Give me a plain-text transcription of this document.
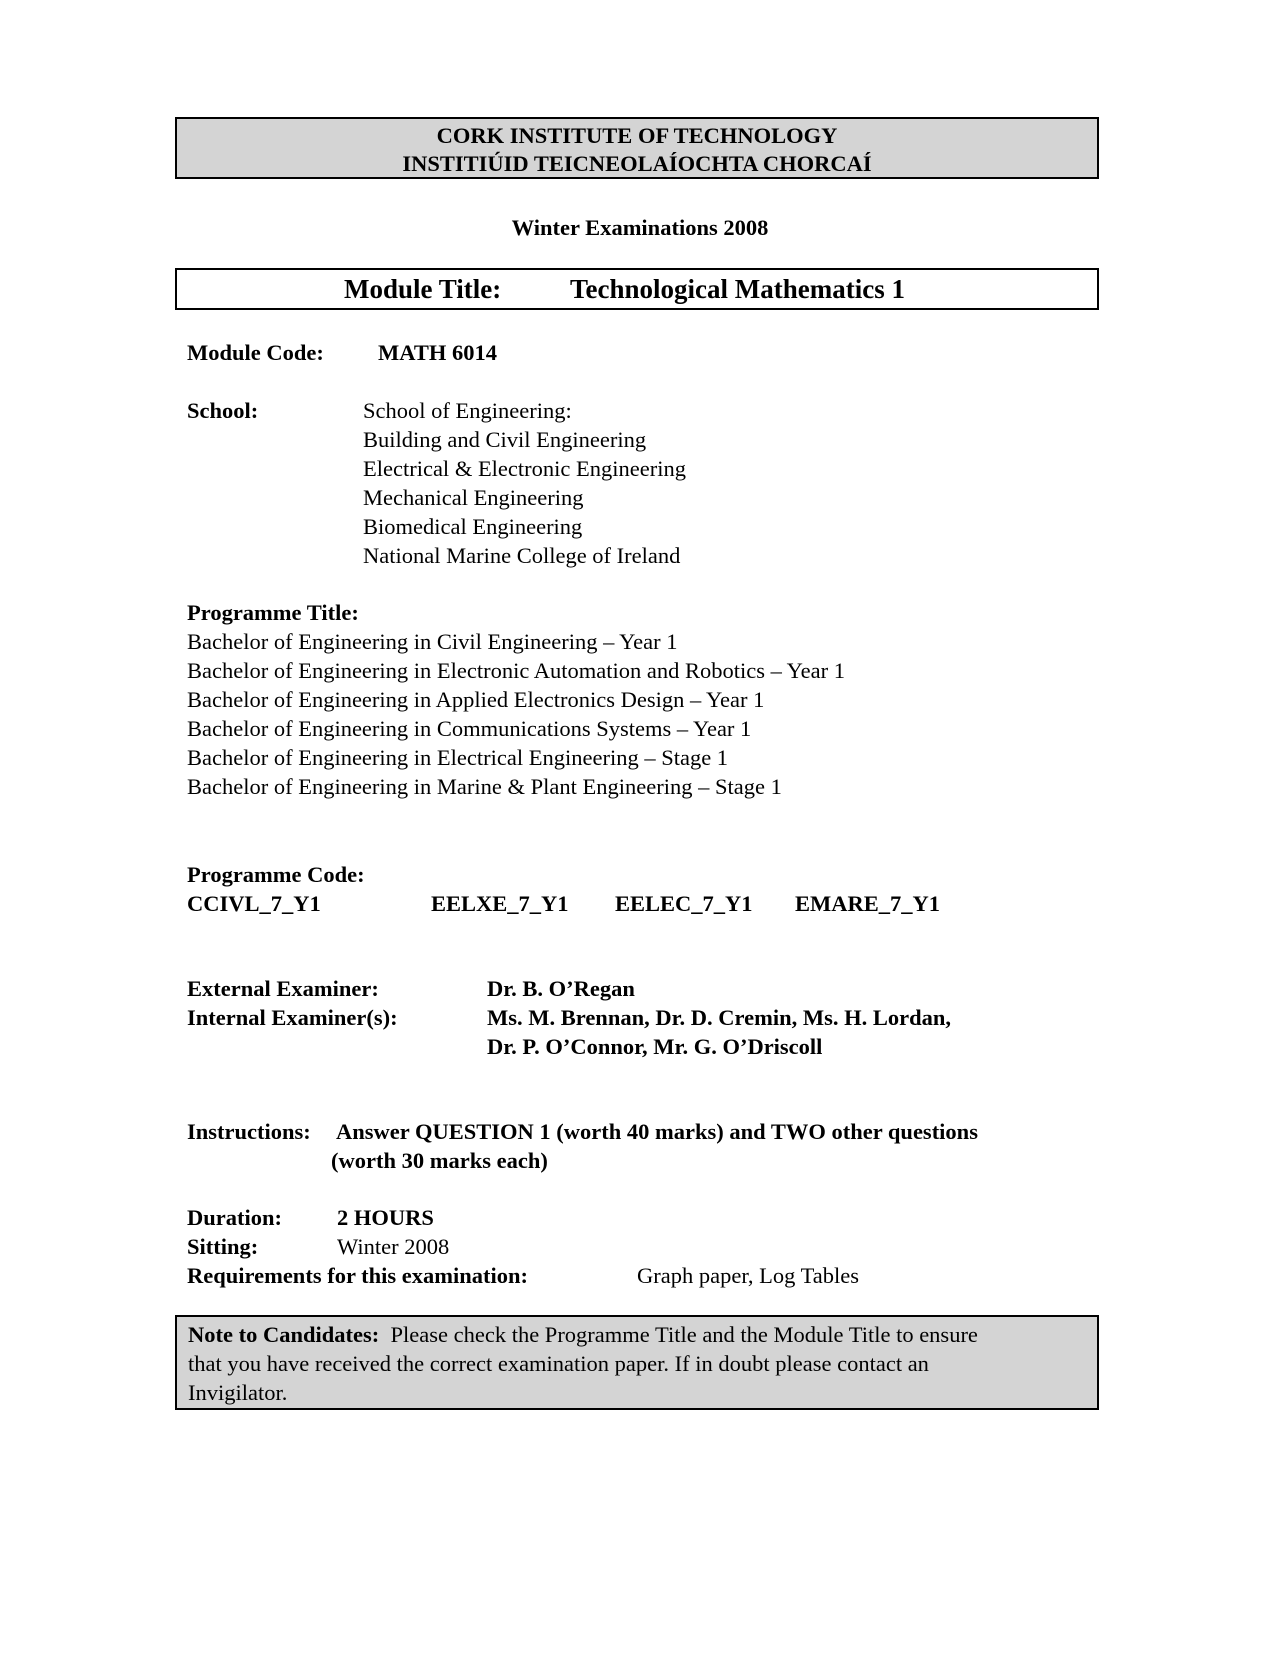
CORK INSTITUTE OF TECHNOLOGY
INSTITIÚID TEICNEOLAÍOCHTA CHORCAÍ

Winter Examinations 2008

Module Title:	Technological Mathematics 1

Module Code: MATH 6014

School:	School of Engineering:
Building and Civil Engineering
Electrical & Electronic Engineering
Mechanical Engineering
Biomedical Engineering
National Marine College of Ireland

Programme Title:

Bachelor of Engineering in Civil Engineering – Year 1
Bachelor of Engineering in Electronic Automation and Robotics – Year 1
Bachelor of Engineering in Applied Electronics Design – Year 1
Bachelor of Engineering in Communications Systems – Year 1
Bachelor of Engineering in Electrical Engineering – Stage 1
Bachelor of Engineering in Marine & Plant Engineering – Stage 1

Programme Code:

CCIVL_7_Y1	EELXE_7_Y1 EELEC_7_Y1 EMARE_7_Y1

External Examiner:	Dr. B. O’Regan

Internal Examiner(s):	Ms. M. Brennan, Dr. D. Cremin, Ms. H. Lordan,

Dr. P. O’Connor, Mr. G. O’Driscoll

Instructions: Answer QUESTION 1 (worth 40 marks) and TWO other questions

(worth 30 marks each)

Duration: 2 HOURS

Sitting:	Winter 2008

Requirements for this examination:	Graph paper, Log Tables

Note to Candidates: Please check the Programme Title and the Module Title to ensure
that you have received the correct examination paper. If in doubt please contact an
Invigilator.
